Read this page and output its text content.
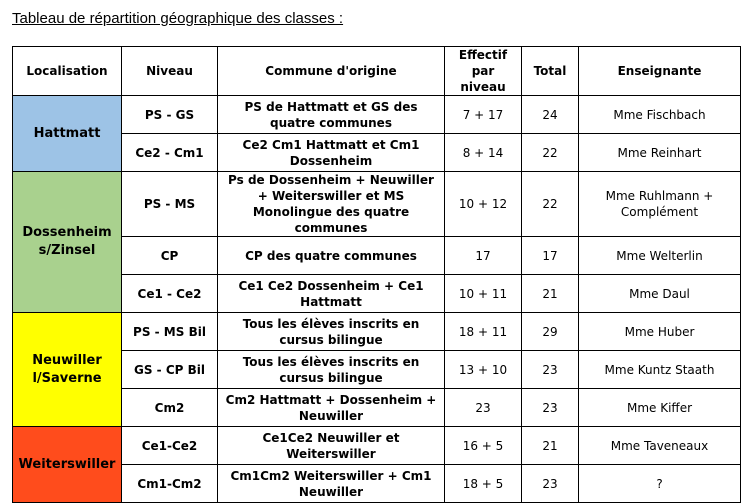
Tableau de répartition géographique des classes :
Localisation	Niveau	Commune d'origine	Effectif par niveau	Total	Enseignante
Hattmatt	PS - GS	PS de Hattmatt et GS des quatre communes	7 + 17	24	Mme Fischbach
	Ce2 - Cm1	Ce2 Cm1 Hattmatt et Cm1 Dossenheim	8 + 14	22	Mme Reinhart
Dossenheim s/Zinsel	PS - MS	Ps de Dossenheim + Neuwiller + Weiterswiller et MS Monolingue des quatre communes	10 + 12	22	Mme Ruhlmann + Complément
	CP	CP des quatre communes	17	17	Mme Welterlin
	Ce1 - Ce2	Ce1 Ce2 Dossenheim + Ce1 Hattmatt	10 + 11	21	Mme Daul
Neuwiller l/Saverne	PS - MS Bil	Tous les élèves inscrits en cursus bilingue	18 + 11	29	Mme Huber
	GS - CP Bil	Tous les élèves inscrits en cursus bilingue	13 + 10	23	Mme Kuntz Staath
	Cm2	Cm2 Hattmatt + Dossenheim + Neuwiller	23	23	Mme Kiffer
Weiterswiller	Ce1-Ce2	Ce1Ce2 Neuwiller et Weiterswiller	16 + 5	21	Mme Taveneaux
	Cm1-Cm2	Cm1Cm2 Weiterswiller + Cm1 Neuwiller	18 + 5	23	?
